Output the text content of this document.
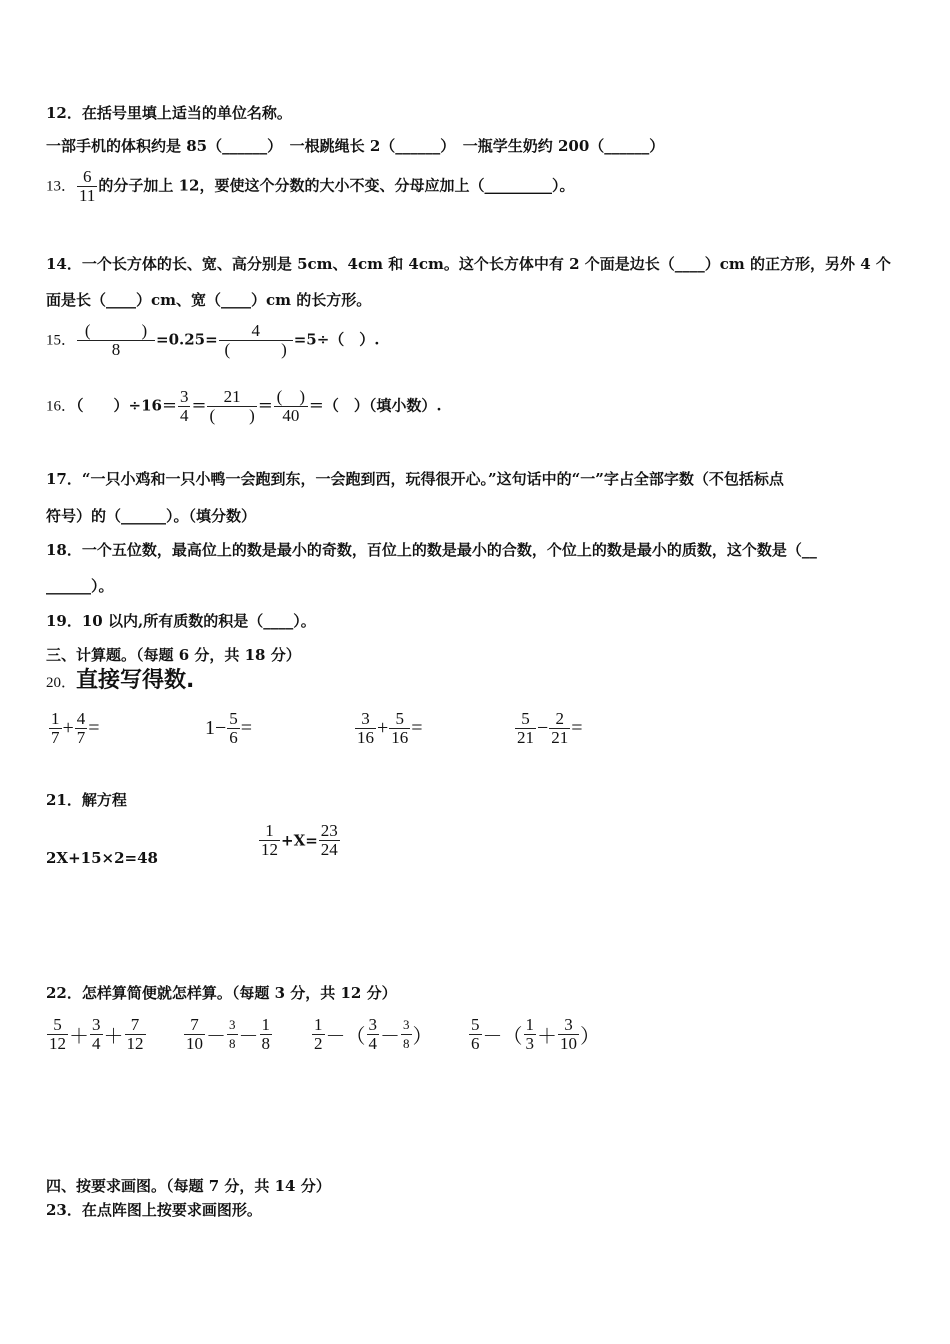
12．在括号里填上适当的单位名称。
一部手机的体积约是 85（______）　一根跳绳长 2（______）　一瓶学生奶约 200（______）
13． $\frac{6}{11}$ 的分子加上 12，要使这个分数的大小不变、分母应加上（_________）。
14．一个长方体的长、宽、高分别是 5cm、4cm 和 4cm。这个长方体中有 2 个面是边长（____）cm 的正方形，另外 4 个
面是长（____）cm、宽（____）cm 的长方形。
15． $\frac{( )}{8} =0.25= \frac{4}{( )} =5\div$（　）.
16．（　　）$\div 16= \frac{3}{4} = \frac{21}{( )} = \frac{( )}{40}$ ＝（　）（填小数）.
17．“一只小鸡和一只小鸭一会跑到东，一会跑到西，玩得很开心。”这句话中的“一”字占全部字数（不包括标点
符号）的（______）。（填分数）
18．一个五位数，最高位上的数是最小的奇数，百位上的数是最小的合数，个位上的数是最小的质数，这个数是（__
______）。
19．10 以内,所有质数的积是（____）。
三、计算题。（每题 6 分，共 18 分）
20．直接写得数.
$\frac{1}{7} + \frac{4}{7}$ =	$1- \frac{5}{6}$ =	$\frac{3}{16} + \frac{5}{16}$ =	$\frac{5}{21} - \frac{2}{21}$ =
21．解方程
2X+15×2=48	$\frac{1}{12} +X= \frac{23}{24}$
22．怎样算简便就怎样算。（每题 3 分，共 12 分）
$\frac{5}{12} + \frac{3}{4} + \frac{7}{12} \frac{7}{10} - \frac{3}{8} - \frac{1}{8} \frac{1}{2}$ －（ $\frac{3}{4} - \frac{3}{8}$ ） $\frac{5}{6}$ －（ $\frac{1}{3} + \frac{3}{10}$ ）
四、按要求画图。（每题 7 分，共 14 分）
23．在点阵图上按要求画图形。
